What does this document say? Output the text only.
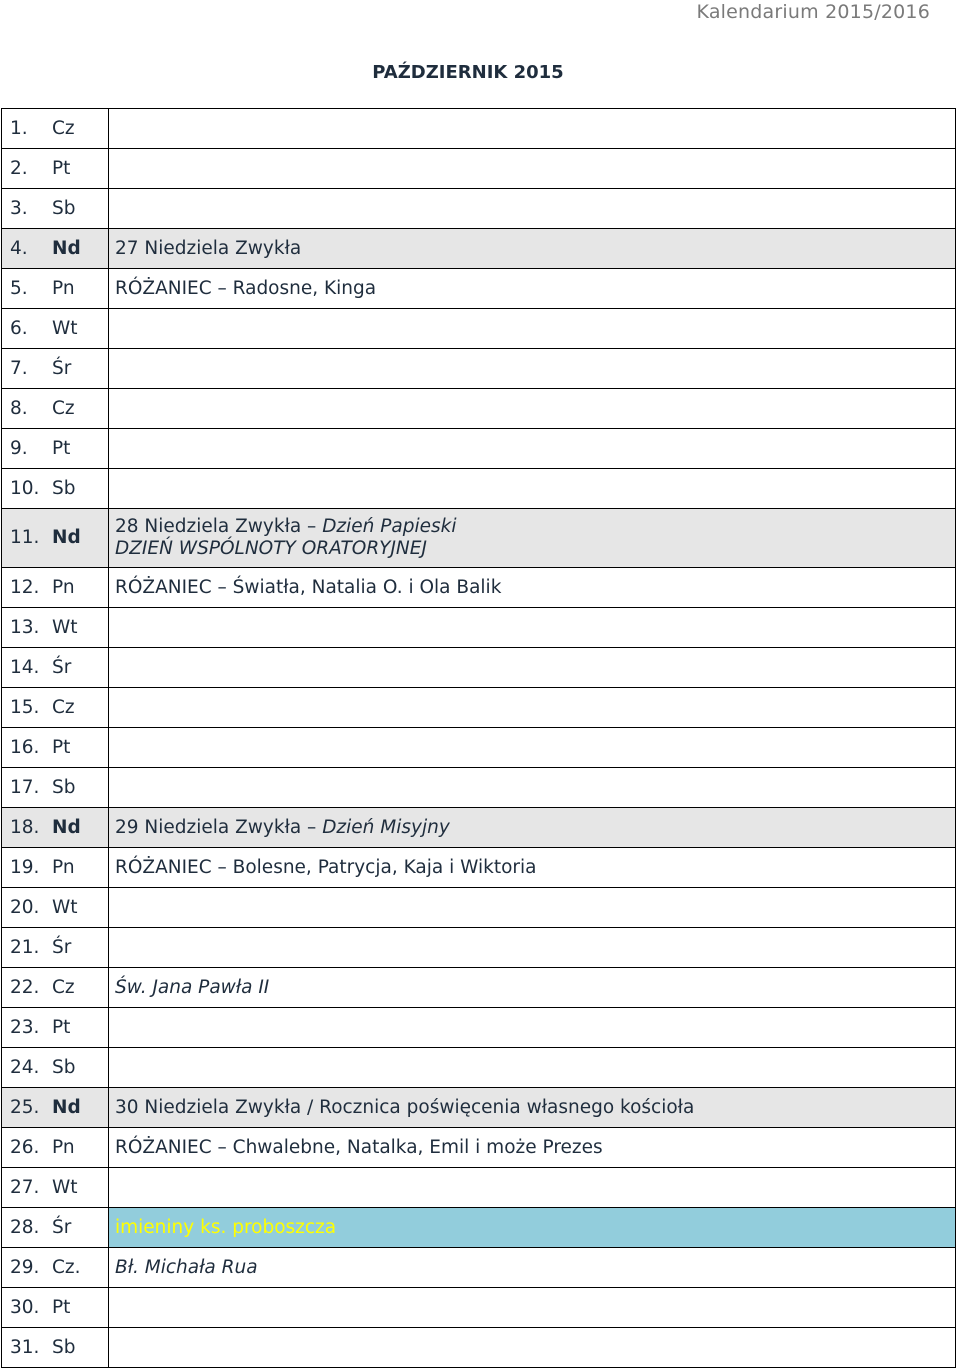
Kalendarium 2015/2016
PAŹDZIERNIK 2015
1.	Cz	

2.	Pt	

3.	Sb	

4.	Nd	27 Niedziela Zwykła

5.	Pn	RÓŻANIEC – Radosne, Kinga

6.	Wt	

7.	Śr	

8.	Cz	

9.	Pt	

10.	Sb	

11.	Nd	28 Niedziela Zwykła – Dzień Papieski
DZIEŃ WSPÓLNOTY ORATORYJNEJ

12.	Pn	RÓŻANIEC – Światła, Natalia O. i Ola Balik

13.	Wt	

14.	Śr	

15.	Cz	

16.	Pt	

17.	Sb	

18.	Nd	29 Niedziela Zwykła – Dzień Misyjny

19.	Pn	RÓŻANIEC – Bolesne, Patrycja, Kaja i Wiktoria

20.	Wt	

21.	Śr	

22.	Cz	Św. Jana Pawła II

23.	Pt	

24.	Sb	

25.	Nd	30 Niedziela Zwykła / Rocznica poświęcenia własnego kościoła

26.	Pn	RÓŻANIEC – Chwalebne, Natalka, Emil i może Prezes

27.	Wt	

28.	Śr	imieniny ks. proboszcza

29.	Cz.	Bł. Michała Rua

30.	Pt	

31.	Sb	
